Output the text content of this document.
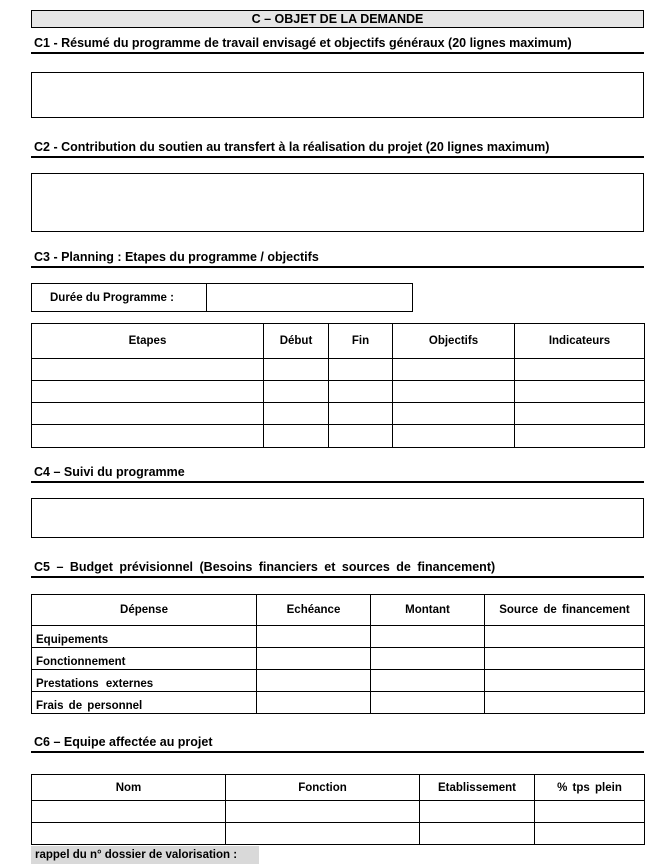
C – OBJET DE LA DEMANDE
C1 - Résumé du programme de travail envisagé et objectifs généraux (20 lignes maximum)
C2 - Contribution du soutien au transfert à la réalisation du projet (20 lignes maximum)
C3 - Planning : Etapes du programme / objectifs
Durée du Programme :	
Etapes	Début	Fin	Objectifs	Indicateurs

C4 – Suivi du programme
C5 – Budget prévisionnel (Besoins financiers et sources de financement)
Dépense	Echéance	Montant	Source de financement
Equipements			
Fonctionnement			
Prestations externes			
Frais de personnel			
C6 – Equipe affectée au projet
Nom	Fonction	Etablissement	% tps plein

rappel du n° dossier de valorisation :
